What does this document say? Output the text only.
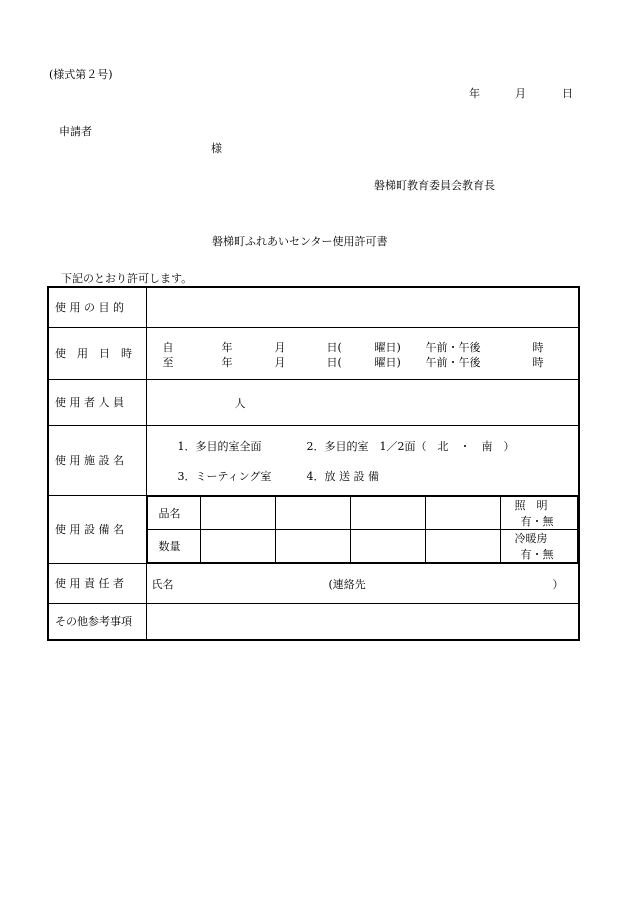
(様式第２号)
年	月	日
申請者
様
磐梯町教育委員会教育長
磐梯町ふれあいセンター使用許可書
下記のとおり許可します。
使 用 の 目 的	
使　用　日　時	自	年	月	日(	曜日) 午前・午後	時
至	年	月	日(	曜日) 午前・午後	時

使 用 者 人 員	人

使 用 施 設 名	
1．多目的室全面	2．多目的室　1／2面（　北　・　南　）
3．ミーティング室	4．放 送 設 備

使 用 設 備 名	
品名					照　明 有・無
数量					冷暖房 有・無

使 用 責 任 者	氏名	(連絡先	）

その他参考事項	
